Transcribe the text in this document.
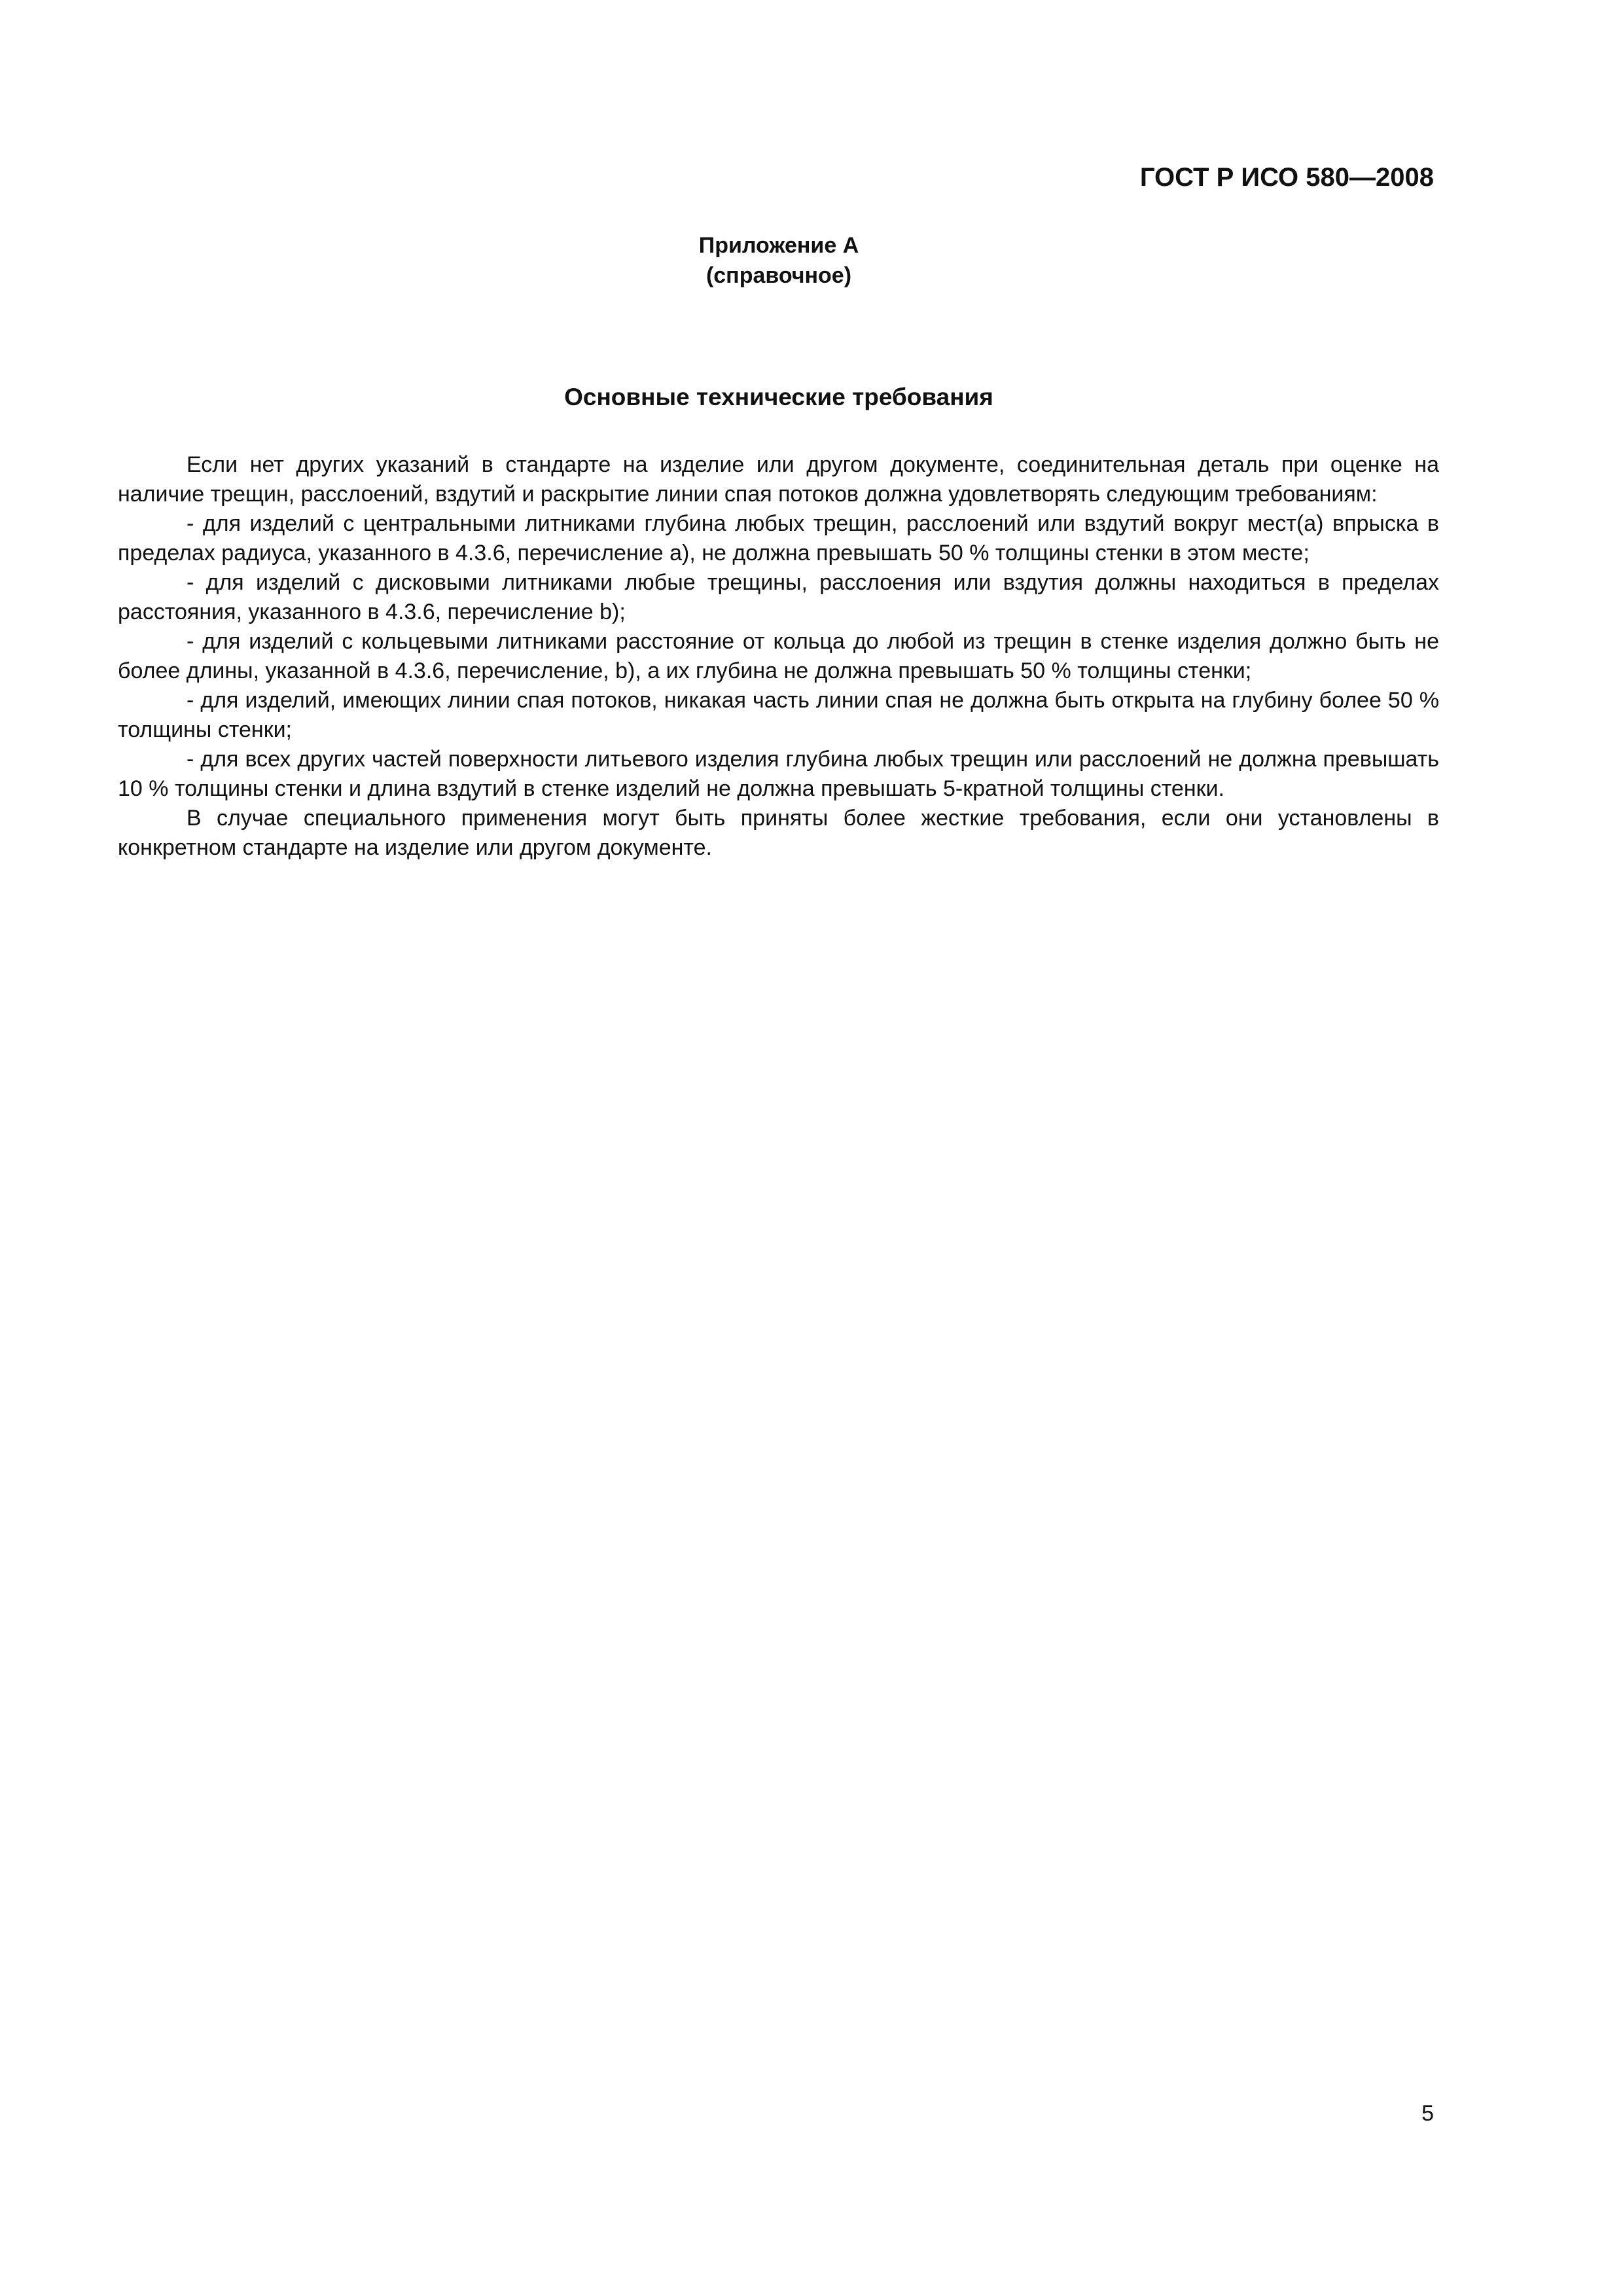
ГОСТ Р ИСО 580—2008
Приложение А
(справочное)
Основные технические требования

Если нет других указаний в стандарте на изделие или другом документе, соединительная деталь при оценке на наличие трещин, расслоений, вздутий и раскрытие линии спая потоков должна удовлетворять следующим требованиям:

- для изделий с центральными литниками глубина любых трещин, расслоений или вздутий вокруг мест(а) впрыска в пределах радиуса, указанного в 4.3.6, перечисление а), не должна превышать 50 % толщины стенки в этом месте;

- для изделий с дисковыми литниками любые трещины, расслоения или вздутия должны находиться в пределах расстояния, указанного в 4.3.6, перечисление b);

- для изделий с кольцевыми литниками расстояние от кольца до любой из трещин в стенке изделия должно быть не более длины, указанной в 4.3.6, перечисление, b), а их глубина не должна превышать 50 % толщины стенки;

- для изделий, имеющих линии спая потоков, никакая часть линии спая не должна быть открыта на глубину более 50 % толщины стенки;

- для всех других частей поверхности литьевого изделия глубина любых трещин или расслоений не должна превышать 10 % толщины стенки и длина вздутий в стенке изделий не должна превышать 5-кратной толщины стенки.

В случае специального применения могут быть приняты более жесткие требования, если они установлены в конкретном стандарте на изделие или другом документе.

5
